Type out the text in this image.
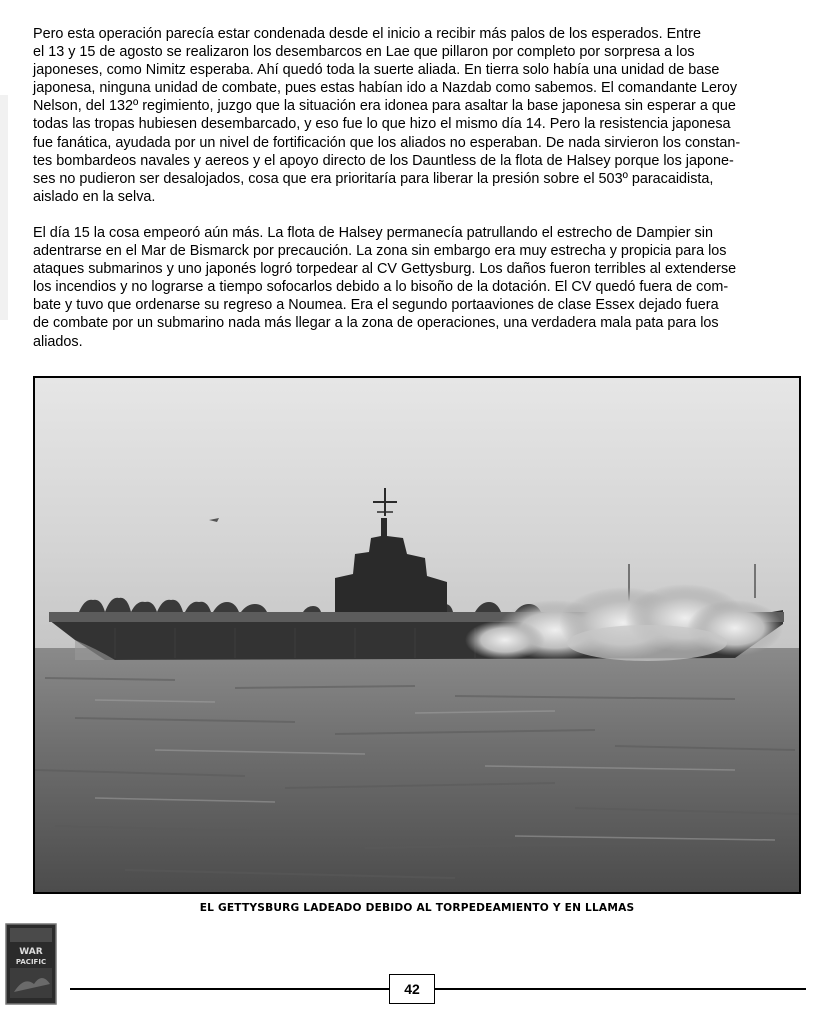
Pero esta operación parecía estar condenada desde el inicio a recibir más palos de los esperados. Entre
el 13 y 15 de agosto se realizaron los desembarcos en Lae que pillaron por completo por sorpresa a los
japoneses, como Nimitz esperaba. Ahí quedó toda la suerte aliada. En tierra solo había una unidad de base
japonesa, ninguna unidad de combate, pues estas habían ido a Nazdab como sabemos. El comandante Leroy
Nelson, del 132º regimiento, juzgo que la situación era idonea para asaltar la base japonesa sin esperar a que
todas las tropas hubiesen desembarcado, y eso fue lo que hizo el mismo día 14. Pero la resistencia japonesa
fue fanática, ayudada por un nivel de fortificación que los aliados no esperaban. De nada sirvieron los constan-
tes bombardeos navales y aereos y el apoyo directo de los Dauntless de la flota de Halsey porque los japone-
ses no pudieron ser desalojados, cosa que era prioritaría para liberar la presión sobre el 503º paracaidista,
aislado en la selva.
El día 15 la cosa empeoró aún más. La flota de Halsey permanecía patrullando el estrecho de Dampier sin
adentrarse en el Mar de Bismarck por precaución. La zona sin embargo era muy estrecha y propicia para los
ataques submarinos y uno japonés logró torpedear al CV Gettysburg. Los daños fueron terribles al extenderse
los incendios y no lograrse a tiempo sofocarlos debido a lo bisoño de la dotación. El CV quedó fuera de com-
bate y tuvo que ordenarse su regreso a Noumea. Era el segundo portaaviones de clase Essex dejado fuera
de combate por un submarino nada más llegar a la zona de operaciones, una verdadera mala pata para los
aliados.
EL GETTYSBURG LADEADO DEBIDO AL TORPEDEAMIENTO Y EN LLAMAS
WAR
PACIFIC
42
